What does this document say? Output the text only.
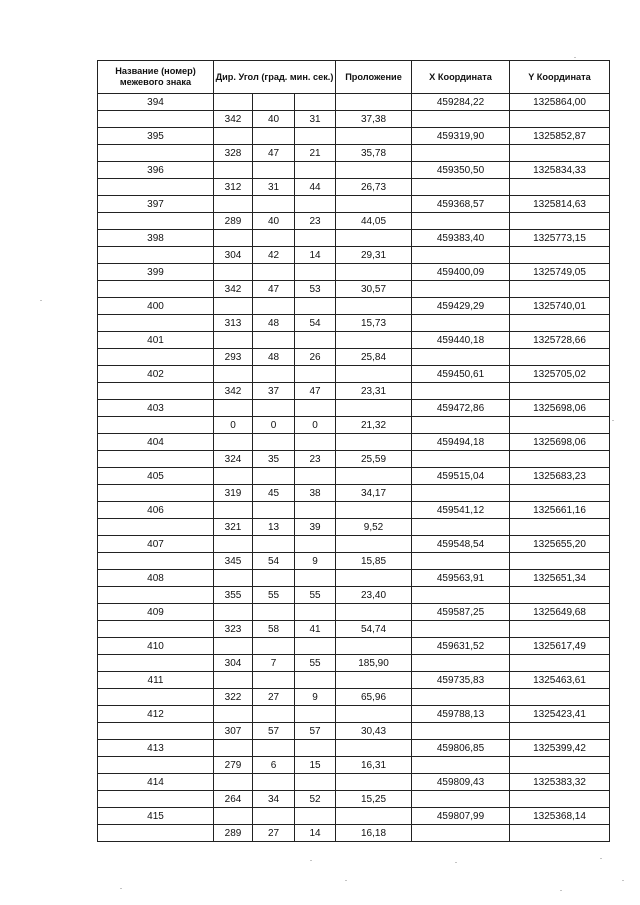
Название (номер) межевого знака	Дир. Угол (град. мин. сек.)			Проложение	X Координата	Y Координата
394					459284,22	1325864,00
	342	40	31	37,38		
395					459319,90	1325852,87
	328	47	21	35,78		
396					459350,50	1325834,33
	312	31	44	26,73		
397					459368,57	1325814,63
	289	40	23	44,05		
398					459383,40	1325773,15
	304	42	14	29,31		
399					459400,09	1325749,05
	342	47	53	30,57		
400					459429,29	1325740,01
	313	48	54	15,73		
401					459440,18	1325728,66
	293	48	26	25,84		
402					459450,61	1325705,02
	342	37	47	23,31		
403					459472,86	1325698,06
	0	0	0	21,32		
404					459494,18	1325698,06
	324	35	23	25,59		
405					459515,04	1325683,23
	319	45	38	34,17		
406					459541,12	1325661,16
	321	13	39	9,52		
407					459548,54	1325655,20
	345	54	9	15,85		
408					459563,91	1325651,34
	355	55	55	23,40		
409					459587,25	1325649,68
	323	58	41	54,74		
410					459631,52	1325617,49
	304	7	55	185,90		
411					459735,83	1325463,61
	322	27	9	65,96		
412					459788,13	1325423,41
	307	57	57	30,43		
413					459806,85	1325399,42
	279	6	15	16,31		
414					459809,43	1325383,32
	264	34	52	15,25		
415					459807,99	1325368,14
	289	27	14	16,18		
